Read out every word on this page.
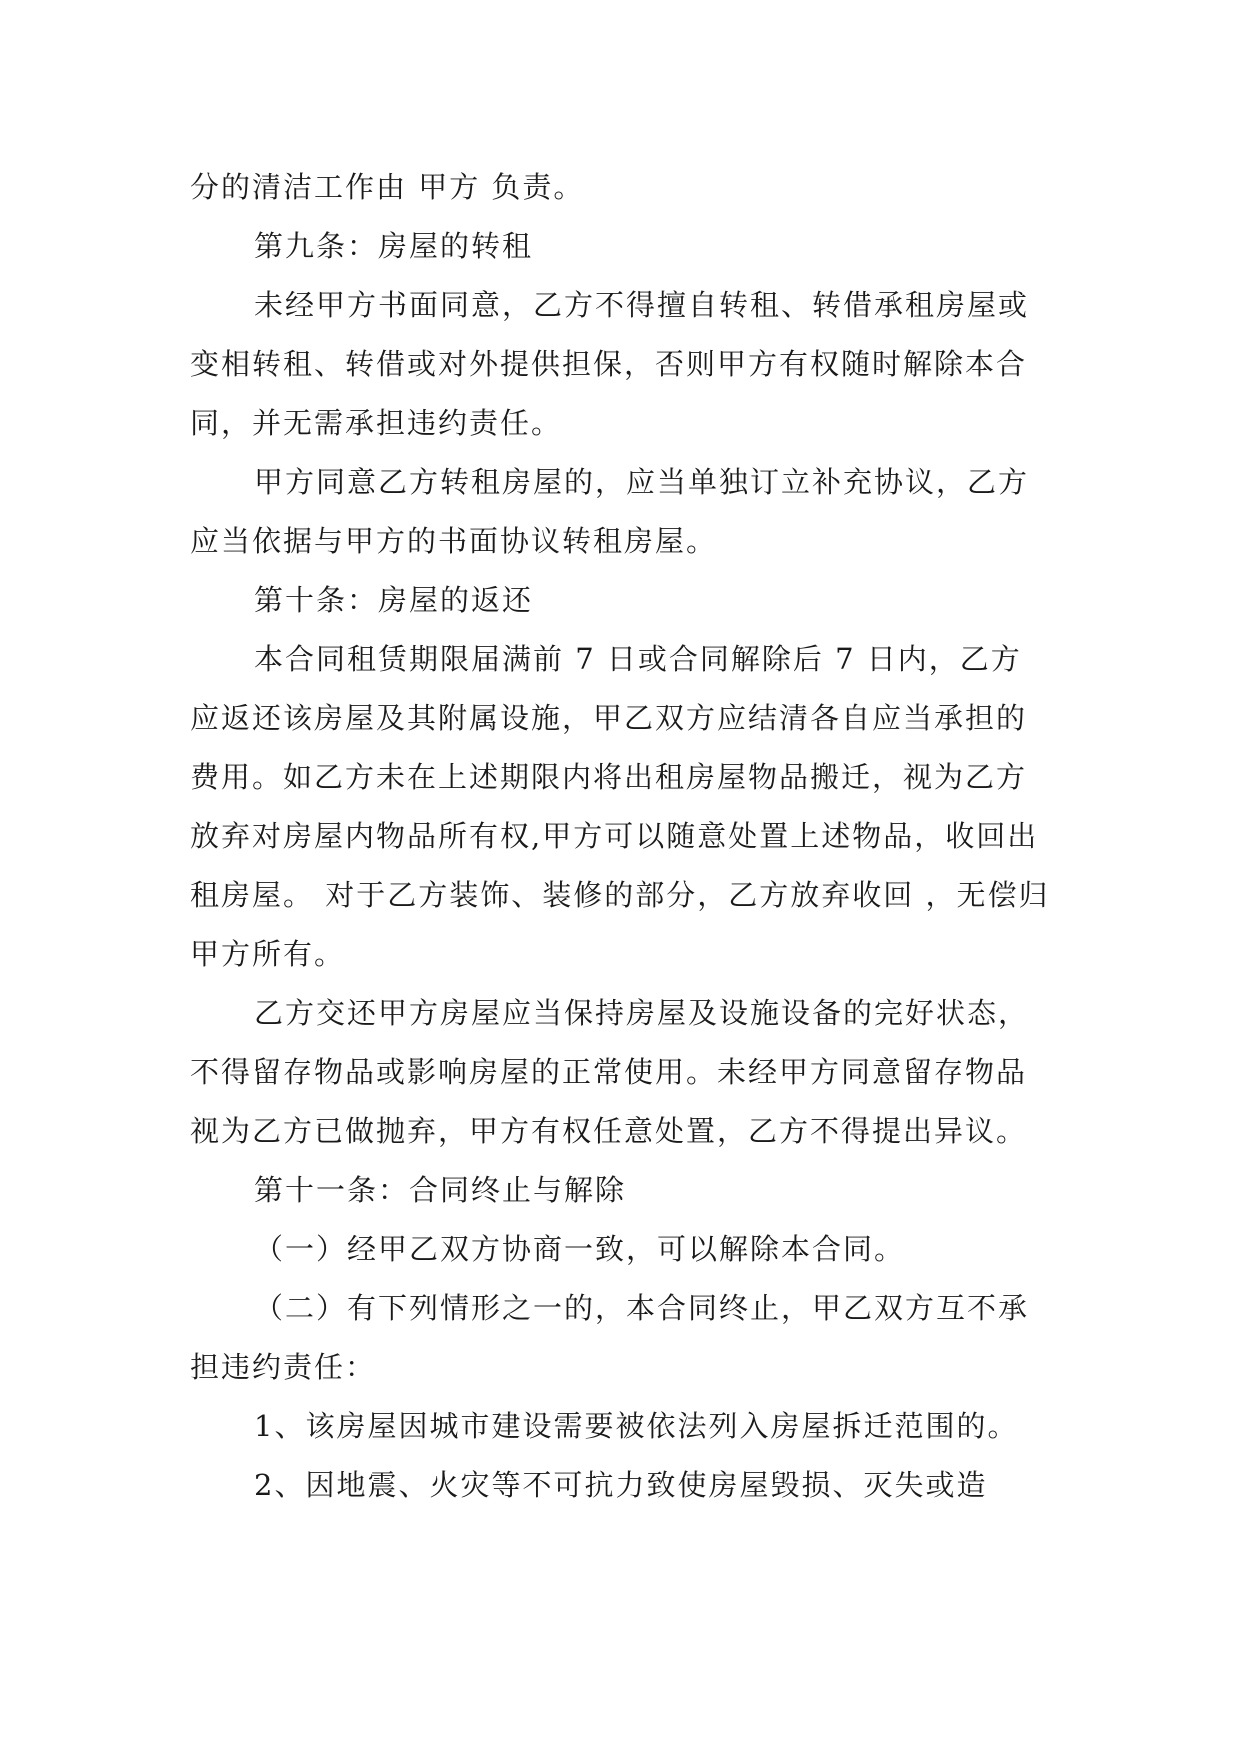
分的清洁工作由 甲方 负责。

第九条：房屋的转租

未经甲方书面同意，乙方不得擅自转租、转借承租房屋或变相转租、转借或对外提供担保，否则甲方有权随时解除本合同，并无需承担违约责任。

甲方同意乙方转租房屋的，应当单独订立补充协议，乙方应当依据与甲方的书面协议转租房屋。

第十条：房屋的返还

本合同租赁期限届满前 7 日或合同解除后 7 日内，乙方应返还该房屋及其附属设施，甲乙双方应结清各自应当承担的费用。如乙方未在上述期限内将出租房屋物品搬迁，视为乙方放弃对房屋内物品所有权,甲方可以随意处置上述物品，收回出租房屋。 对于乙方装饰、装修的部分，乙方放弃收回 ，无偿归甲方所有。

乙方交还甲方房屋应当保持房屋及设施设备的完好状态，不得留存物品或影响房屋的正常使用。未经甲方同意留存物品视为乙方已做抛弃，甲方有权任意处置，乙方不得提出异议。

第十一条：合同终止与解除

（一）经甲乙双方协商一致，可以解除本合同。

（二）有下列情形之一的，本合同终止，甲乙双方互不承担违约责任：

1、该房屋因城市建设需要被依法列入房屋拆迁范围的。

2、因地震、火灾等不可抗力致使房屋毁损、灭失或造
